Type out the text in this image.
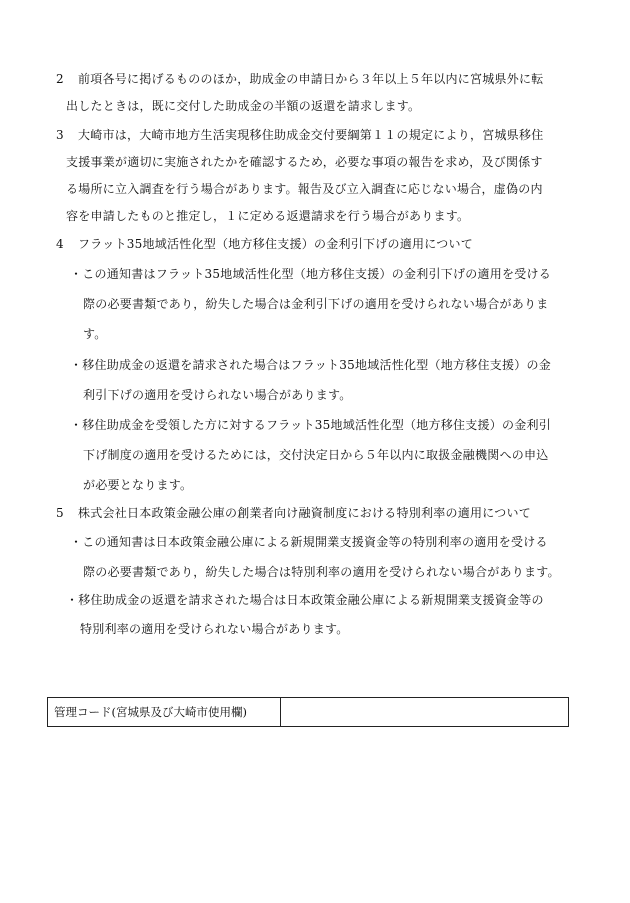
2 前項各号に掲げるもののほか，助成金の申請日から３年以上５年以内に宮城県外に転
出したときは，既に交付した助成金の半額の返還を請求します。
3 大崎市は，大崎市地方生活実現移住助成金交付要綱第１１の規定により，宮城県移住
支援事業が適切に実施されたかを確認するため，必要な事項の報告を求め，及び関係す
る場所に立入調査を行う場合があります。報告及び立入調査に応じない場合，虚偽の内
容を申請したものと推定し，１に定める返還請求を行う場合があります。
4 フラット35地域活性化型（地方移住支援）の金利引下げの適用について
・この通知書はフラット35地域活性化型（地方移住支援）の金利引下げの適用を受ける
際の必要書類であり，紛失した場合は金利引下げの適用を受けられない場合がありま
す。
・移住助成金の返還を請求された場合はフラット35地域活性化型（地方移住支援）の金
利引下げの適用を受けられない場合があります。
・移住助成金を受領した方に対するフラット35地域活性化型（地方移住支援）の金利引
下げ制度の適用を受けるためには，交付決定日から５年以内に取扱金融機関への申込
が必要となります。
5 株式会社日本政策金融公庫の創業者向け融資制度における特別利率の適用について
・この通知書は日本政策金融公庫による新規開業支援資金等の特別利率の適用を受ける
際の必要書類であり，紛失した場合は特別利率の適用を受けられない場合があります。
・移住助成金の返還を請求された場合は日本政策金融公庫による新規開業支援資金等の
特別利率の適用を受けられない場合があります。
管理コード(宮城県及び大崎市使用欄)
